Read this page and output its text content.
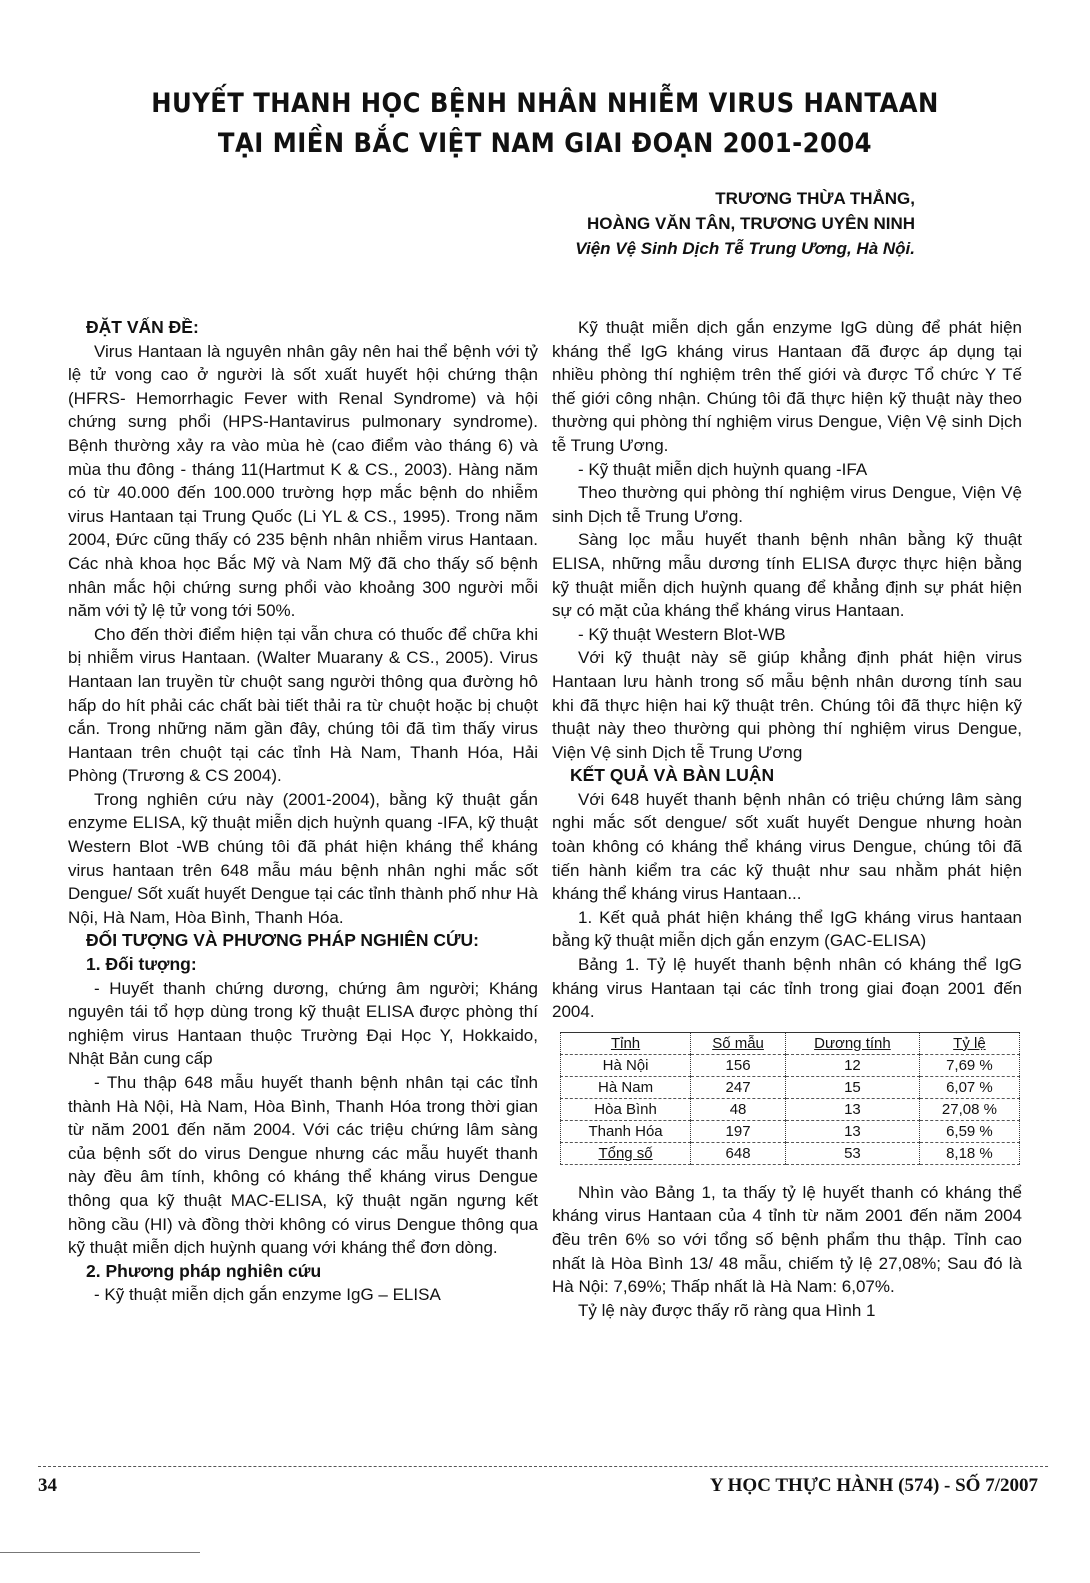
HUYẾT THANH HỌC BỆNH NHÂN NHIỄM VIRUS HANTAAN
TẠI MIỀN BẮC VIỆT NAM GIAI ĐOẠN 2001-2004
TRƯƠNG THỪA THẮNG,
HOÀNG VĂN TÂN, TRƯƠNG UYÊN NINH
Viện Vệ Sinh Dịch Tễ Trung Ương, Hà Nội.
ĐẶT VẤN ĐỀ:

Virus Hantaan là nguyên nhân gây nên hai thể bệnh với tỷ lệ tử vong cao ở người là sốt xuất huyết hội chứng thận (HFRS- Hemorrhagic Fever with Renal Syndrome) và hội chứng sưng phổi (HPS-Hantavirus pulmonary syndrome). Bệnh thường xảy ra vào mùa hè (cao điểm vào tháng 6) và mùa thu đông - tháng 11(Hartmut K & CS., 2003). Hàng năm có từ 40.000 đến 100.000 trường hợp mắc bệnh do nhiễm virus Hantaan tại Trung Quốc (Li YL & CS., 1995). Trong năm 2004, Đức cũng thấy có 235 bệnh nhân nhiễm virus Hantaan. Các nhà khoa học Bắc Mỹ và Nam Mỹ đã cho thấy số bệnh nhân mắc hội chứng sưng phổi vào khoảng 300 người mỗi năm với tỷ lệ tử vong tới 50%.

Cho đến thời điểm hiện tại vẫn chưa có thuốc để chữa khi bị nhiễm virus Hantaan. (Walter Muarany & CS., 2005). Virus Hantaan lan truyền từ chuột sang người thông qua đường hô hấp do hít phải các chất bài tiết thải ra từ chuột hoặc bị chuột cắn. Trong những năm gần đây, chúng tôi đã tìm thấy virus Hantaan trên chuột tại các tỉnh Hà Nam, Thanh Hóa, Hải Phòng (Trương & CS 2004).

Trong nghiên cứu này (2001-2004), bằng kỹ thuật gắn enzyme ELISA, kỹ thuật miễn dịch huỳnh quang -IFA, kỹ thuật Western Blot -WB chúng tôi đã phát hiện kháng thể kháng virus hantaan trên 648 mẫu máu bệnh nhân nghi mắc sốt Dengue/ Sốt xuất huyết Dengue tại các tỉnh thành phố như Hà Nội, Hà Nam, Hòa Bình, Thanh Hóa.

ĐỐI TƯỢNG VÀ PHƯƠNG PHÁP NGHIÊN CỨU:
1. Đối tượng:

- Huyết thanh chứng dương, chứng âm người; Kháng nguyên tái tổ hợp dùng trong kỹ thuật ELISA được phòng thí nghiệm virus Hantaan thuộc Trường Đại Học Y, Hokkaido, Nhật Bản cung cấp

- Thu thập 648 mẫu huyết thanh bệnh nhân tại các tỉnh thành Hà Nội, Hà Nam, Hòa Bình, Thanh Hóa trong thời gian từ năm 2001 đến năm 2004. Với các triệu chứng lâm sàng của bệnh sốt do virus Dengue nhưng các mẫu huyết thanh này đều âm tính, không có kháng thể kháng virus Dengue thông qua kỹ thuật MAC-ELISA, kỹ thuật ngăn ngưng kết hồng cầu (HI) và đồng thời không có virus Dengue thông qua kỹ thuật miễn dịch huỳnh quang với kháng thể đơn dòng.

2. Phương pháp nghiên cứu

- Kỹ thuật miễn dịch gắn enzyme IgG – ELISA

Kỹ thuật miễn dịch gắn enzyme IgG dùng để phát hiện kháng thể IgG kháng virus Hantaan đã được áp dụng tại nhiều phòng thí nghiệm trên thế giới và được Tổ chức Y Tế thế giới công nhận. Chúng tôi đã thực hiện kỹ thuật này theo thường qui phòng thí nghiệm virus Dengue, Viện Vệ sinh Dịch tễ Trung Ương.

- Kỹ thuật miễn dịch huỳnh quang -IFA

Theo thường qui phòng thí nghiệm virus Dengue, Viện Vệ sinh Dịch tễ Trung Ương.

Sàng lọc mẫu huyết thanh bệnh nhân bằng kỹ thuật ELISA, những mẫu dương tính ELISA được thực hiện bằng kỹ thuật miễn dịch huỳnh quang để khẳng định sự phát hiện sự có mặt của kháng thể kháng virus Hantaan.

- Kỹ thuật Western Blot-WB

Với kỹ thuật này sẽ giúp khẳng định phát hiện virus Hantaan lưu hành trong số mẫu bệnh nhân dương tính sau khi đã thực hiện hai kỹ thuật trên. Chúng tôi đã thực hiện kỹ thuật này theo thường qui phòng thí nghiệm virus Dengue, Viện Vệ sinh Dịch tễ Trung Ương

KẾT QUẢ VÀ BÀN LUẬN

Với 648 huyết thanh bệnh nhân có triệu chứng lâm sàng nghi mắc sốt dengue/ sốt xuất huyết Dengue nhưng hoàn toàn không có kháng thể kháng virus Dengue, chúng tôi đã tiến hành kiểm tra các kỹ thuật như sau nhằm phát hiện kháng thể kháng virus Hantaan...

1. Kết quả phát hiện kháng thể IgG kháng virus hantaan bằng kỹ thuật miễn dịch gắn enzym (GAC-ELISA)

Bảng 1. Tỷ lệ huyết thanh bệnh nhân có kháng thể IgG kháng virus Hantaan tại các tỉnh trong giai đoạn 2001 đến 2004.

Tỉnh	Số mẫu	Dương tính	Tỷ lệ
Hà Nội	156	12	7,69 %
Hà Nam	247	15	6,07 %
Hòa Bình	48	13	27,08 %
Thanh Hóa	197	13	6,59 %
Tổng số	648	53	8,18 %

Nhìn vào Bảng 1, ta thấy tỷ lệ huyết thanh có kháng thể kháng virus Hantaan của 4 tỉnh từ năm 2001 đến năm 2004 đều trên 6% so với tổng số bệnh phẩm thu thập. Tỉnh cao nhất là Hòa Bình 13/ 48 mẫu, chiếm tỷ lệ 27,08%; Sau đó là Hà Nội: 7,69%; Thấp nhất là Hà Nam: 6,07%.

Tỷ lệ này được thấy rõ ràng qua Hình 1

34	Y HỌC THỰC HÀNH (574) - SỐ 7/2007
